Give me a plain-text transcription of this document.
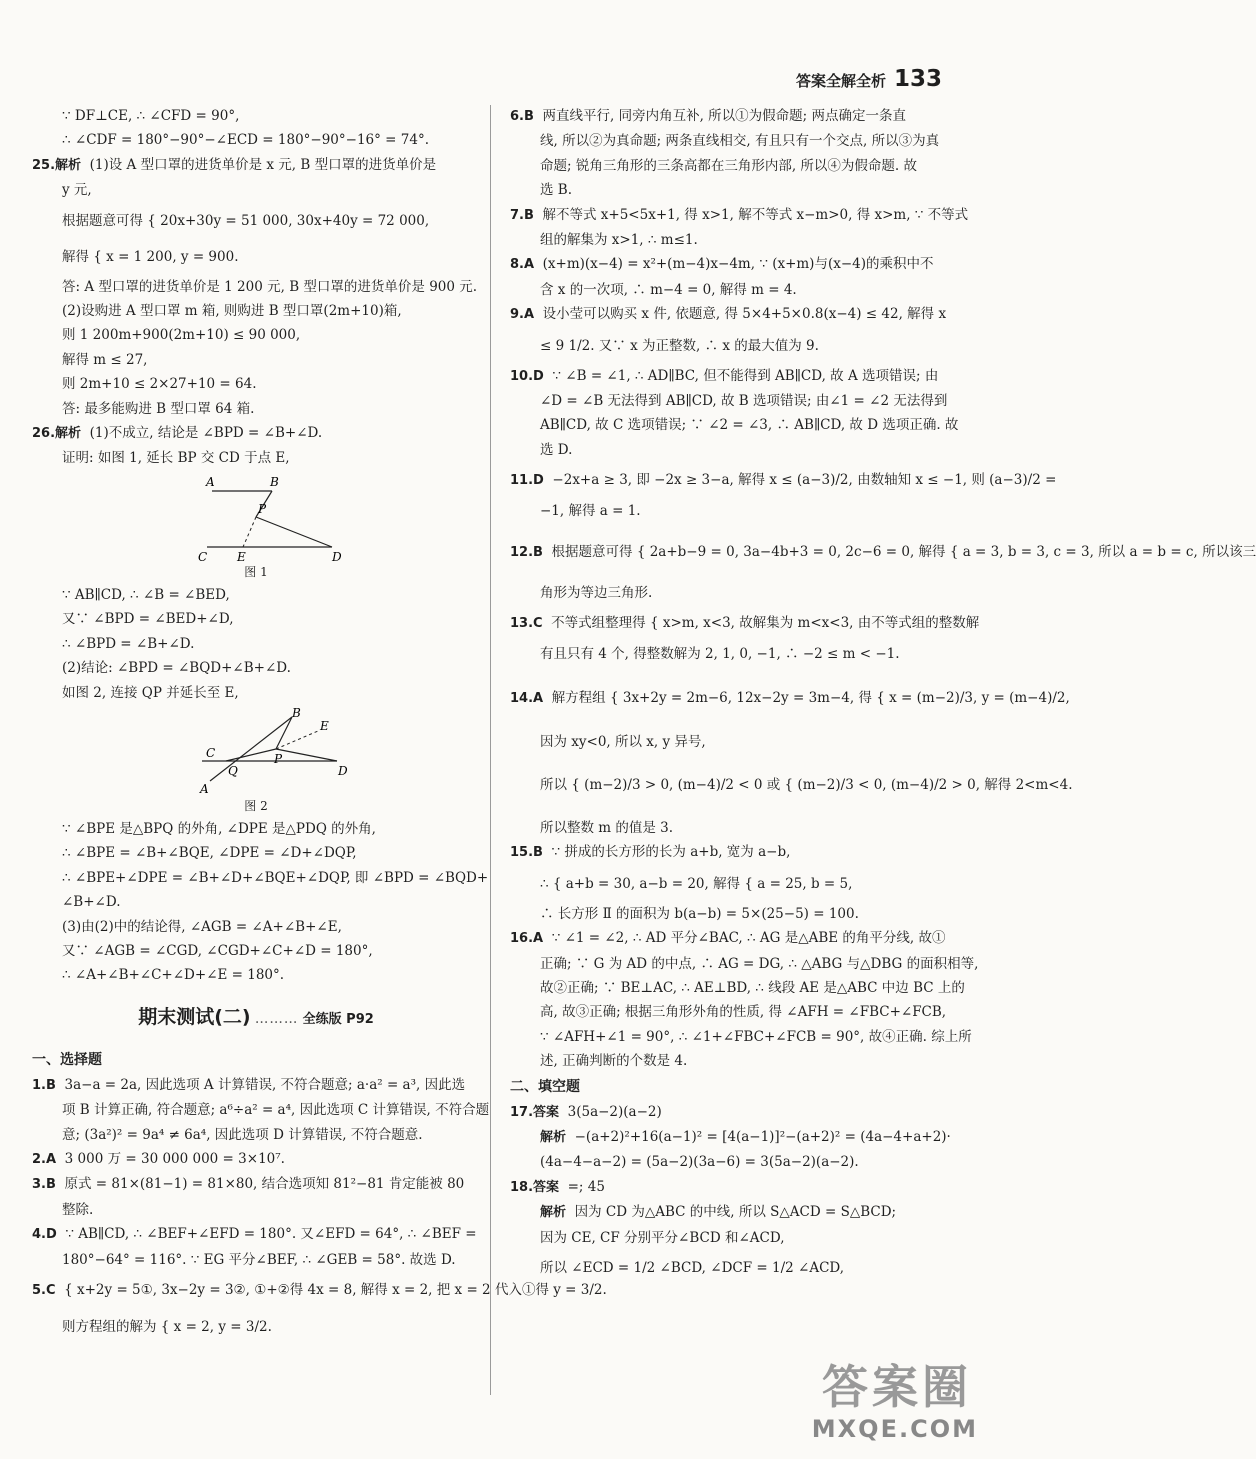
答案全解全析 133
∵ DF⊥CE, ∴ ∠CFD = 90°,
∴ ∠CDF = 180°−90°−∠ECD = 180°−90°−16° = 74°.
25.解析 (1)设 A 型口罩的进货单价是 x 元, B 型口罩的进货单价是
y 元,
根据题意可得 { 20x+30y = 51 000, 30x+40y = 72 000,
解得 { x = 1 200, y = 900.
答: A 型口罩的进货单价是 1 200 元, B 型口罩的进货单价是 900 元.
(2)设购进 A 型口罩 m 箱, 则购进 B 型口罩(2m+10)箱,
则 1 200m+900(2m+10) ≤ 90 000,
解得 m ≤ 27,
则 2m+10 ≤ 2×27+10 = 64.
答: 最多能购进 B 型口罩 64 箱.
26.解析 (1)不成立, 结论是 ∠BPD = ∠B+∠D.
证明: 如图 1, 延长 BP 交 CD 于点 E,
A	B
P
C E	D
图 1
∵ AB∥CD, ∴ ∠B = ∠BED,
又∵ ∠BPD = ∠BED+∠D,
∴ ∠BPD = ∠B+∠D.
(2)结论: ∠BPD = ∠BQD+∠B+∠D.
如图 2, 连接 QP 并延长至 E,
B
E
P
C
Q
A
D
图 2
∵ ∠BPE 是△BPQ 的外角, ∠DPE 是△PDQ 的外角,
∴ ∠BPE = ∠B+∠BQE, ∠DPE = ∠D+∠DQP,
∴ ∠BPE+∠DPE = ∠B+∠D+∠BQE+∠DQP, 即 ∠BPD = ∠BQD+
∠B+∠D.
(3)由(2)中的结论得, ∠AGB = ∠A+∠B+∠E,
又∵ ∠AGB = ∠CGD, ∠CGD+∠C+∠D = 180°,
∴ ∠A+∠B+∠C+∠D+∠E = 180°.
期末测试(二) ……… 全练版 P92
一、选择题
1.B 3a−a = 2a, 因此选项 A 计算错误, 不符合题意; a·a² = a³, 因此选
项 B 计算正确, 符合题意; a⁶÷a² = a⁴, 因此选项 C 计算错误, 不符合题
意; (3a²)² = 9a⁴ ≠ 6a⁴, 因此选项 D 计算错误, 不符合题意.
2.A 3 000 万 = 30 000 000 = 3×10⁷.
3.B 原式 = 81×(81−1) = 81×80, 结合选项知 81²−81 肯定能被 80
整除.
4.D ∵ AB∥CD, ∴ ∠BEF+∠EFD = 180°. 又∠EFD = 64°, ∴ ∠BEF =
180°−64° = 116°. ∵ EG 平分∠BEF, ∴ ∠GEB = 58°. 故选 D.
5.C { x+2y = 5①, 3x−2y = 3②, ①+②得 4x = 8, 解得 x = 2, 把 x = 2 代入①得 y = 3/2.
则方程组的解为 { x = 2, y = 3/2.
6.B 两直线平行, 同旁内角互补, 所以①为假命题; 两点确定一条直
线, 所以②为真命题; 两条直线相交, 有且只有一个交点, 所以③为真
命题; 锐角三角形的三条高都在三角形内部, 所以④为假命题. 故
选 B.
7.B 解不等式 x+5<5x+1, 得 x>1, 解不等式 x−m>0, 得 x>m, ∵ 不等式
组的解集为 x>1, ∴ m≤1.
8.A (x+m)(x−4) = x²+(m−4)x−4m, ∵ (x+m)与(x−4)的乘积中不
含 x 的一次项, ∴ m−4 = 0, 解得 m = 4.
9.A 设小莹可以购买 x 件, 依题意, 得 5×4+5×0.8(x−4) ≤ 42, 解得 x
≤ 9 1/2. 又∵ x 为正整数, ∴ x 的最大值为 9.
10.D ∵ ∠B = ∠1, ∴ AD∥BC, 但不能得到 AB∥CD, 故 A 选项错误; 由
∠D = ∠B 无法得到 AB∥CD, 故 B 选项错误; 由∠1 = ∠2 无法得到
AB∥CD, 故 C 选项错误; ∵ ∠2 = ∠3, ∴ AB∥CD, 故 D 选项正确. 故
选 D.
11.D −2x+a ≥ 3, 即 −2x ≥ 3−a, 解得 x ≤ (a−3)/2, 由数轴知 x ≤ −1, 则 (a−3)/2 =
−1, 解得 a = 1.
12.B 根据题意可得 { 2a+b−9 = 0, 3a−4b+3 = 0, 2c−6 = 0, 解得 { a = 3, b = 3, c = 3, 所以 a = b = c, 所以该三
角形为等边三角形.
13.C 不等式组整理得 { x>m, x<3, 故解集为 m<x<3, 由不等式组的整数解
有且只有 4 个, 得整数解为 2, 1, 0, −1, ∴ −2 ≤ m < −1.
14.A 解方程组 { 3x+2y = 2m−6, 12x−2y = 3m−4, 得 { x = (m−2)/3, y = (m−4)/2,
因为 xy<0, 所以 x, y 异号,
所以 { (m−2)/3 > 0, (m−4)/2 < 0 或 { (m−2)/3 < 0, (m−4)/2 > 0, 解得 2<m<4.
所以整数 m 的值是 3.
15.B ∵ 拼成的长方形的长为 a+b, 宽为 a−b,
∴ { a+b = 30, a−b = 20, 解得 { a = 25, b = 5,
∴ 长方形 Ⅱ 的面积为 b(a−b) = 5×(25−5) = 100.
16.A ∵ ∠1 = ∠2, ∴ AD 平分∠BAC, ∴ AG 是△ABE 的角平分线, 故①
正确; ∵ G 为 AD 的中点, ∴ AG = DG, ∴ △ABG 与△DBG 的面积相等,
故②正确; ∵ BE⊥AC, ∴ AE⊥BD, ∴ 线段 AE 是△ABC 中边 BC 上的
高, 故③正确; 根据三角形外角的性质, 得 ∠AFH = ∠FBC+∠FCB,
∵ ∠AFH+∠1 = 90°, ∴ ∠1+∠FBC+∠FCB = 90°, 故④正确. 综上所
述, 正确判断的个数是 4.
二、填空题
17.答案 3(5a−2)(a−2)
解析 −(a+2)²+16(a−1)² = [4(a−1)]²−(a+2)² = (4a−4+a+2)·
(4a−4−a−2) = (5a−2)(3a−6) = 3(5a−2)(a−2).
18.答案 =; 45
解析 因为 CD 为△ABC 的中线, 所以 S△ACD = S△BCD;
因为 CE, CF 分别平分∠BCD 和∠ACD,
所以 ∠ECD = 1/2 ∠BCD, ∠DCF = 1/2 ∠ACD,
答案圈
MXQE.COM
